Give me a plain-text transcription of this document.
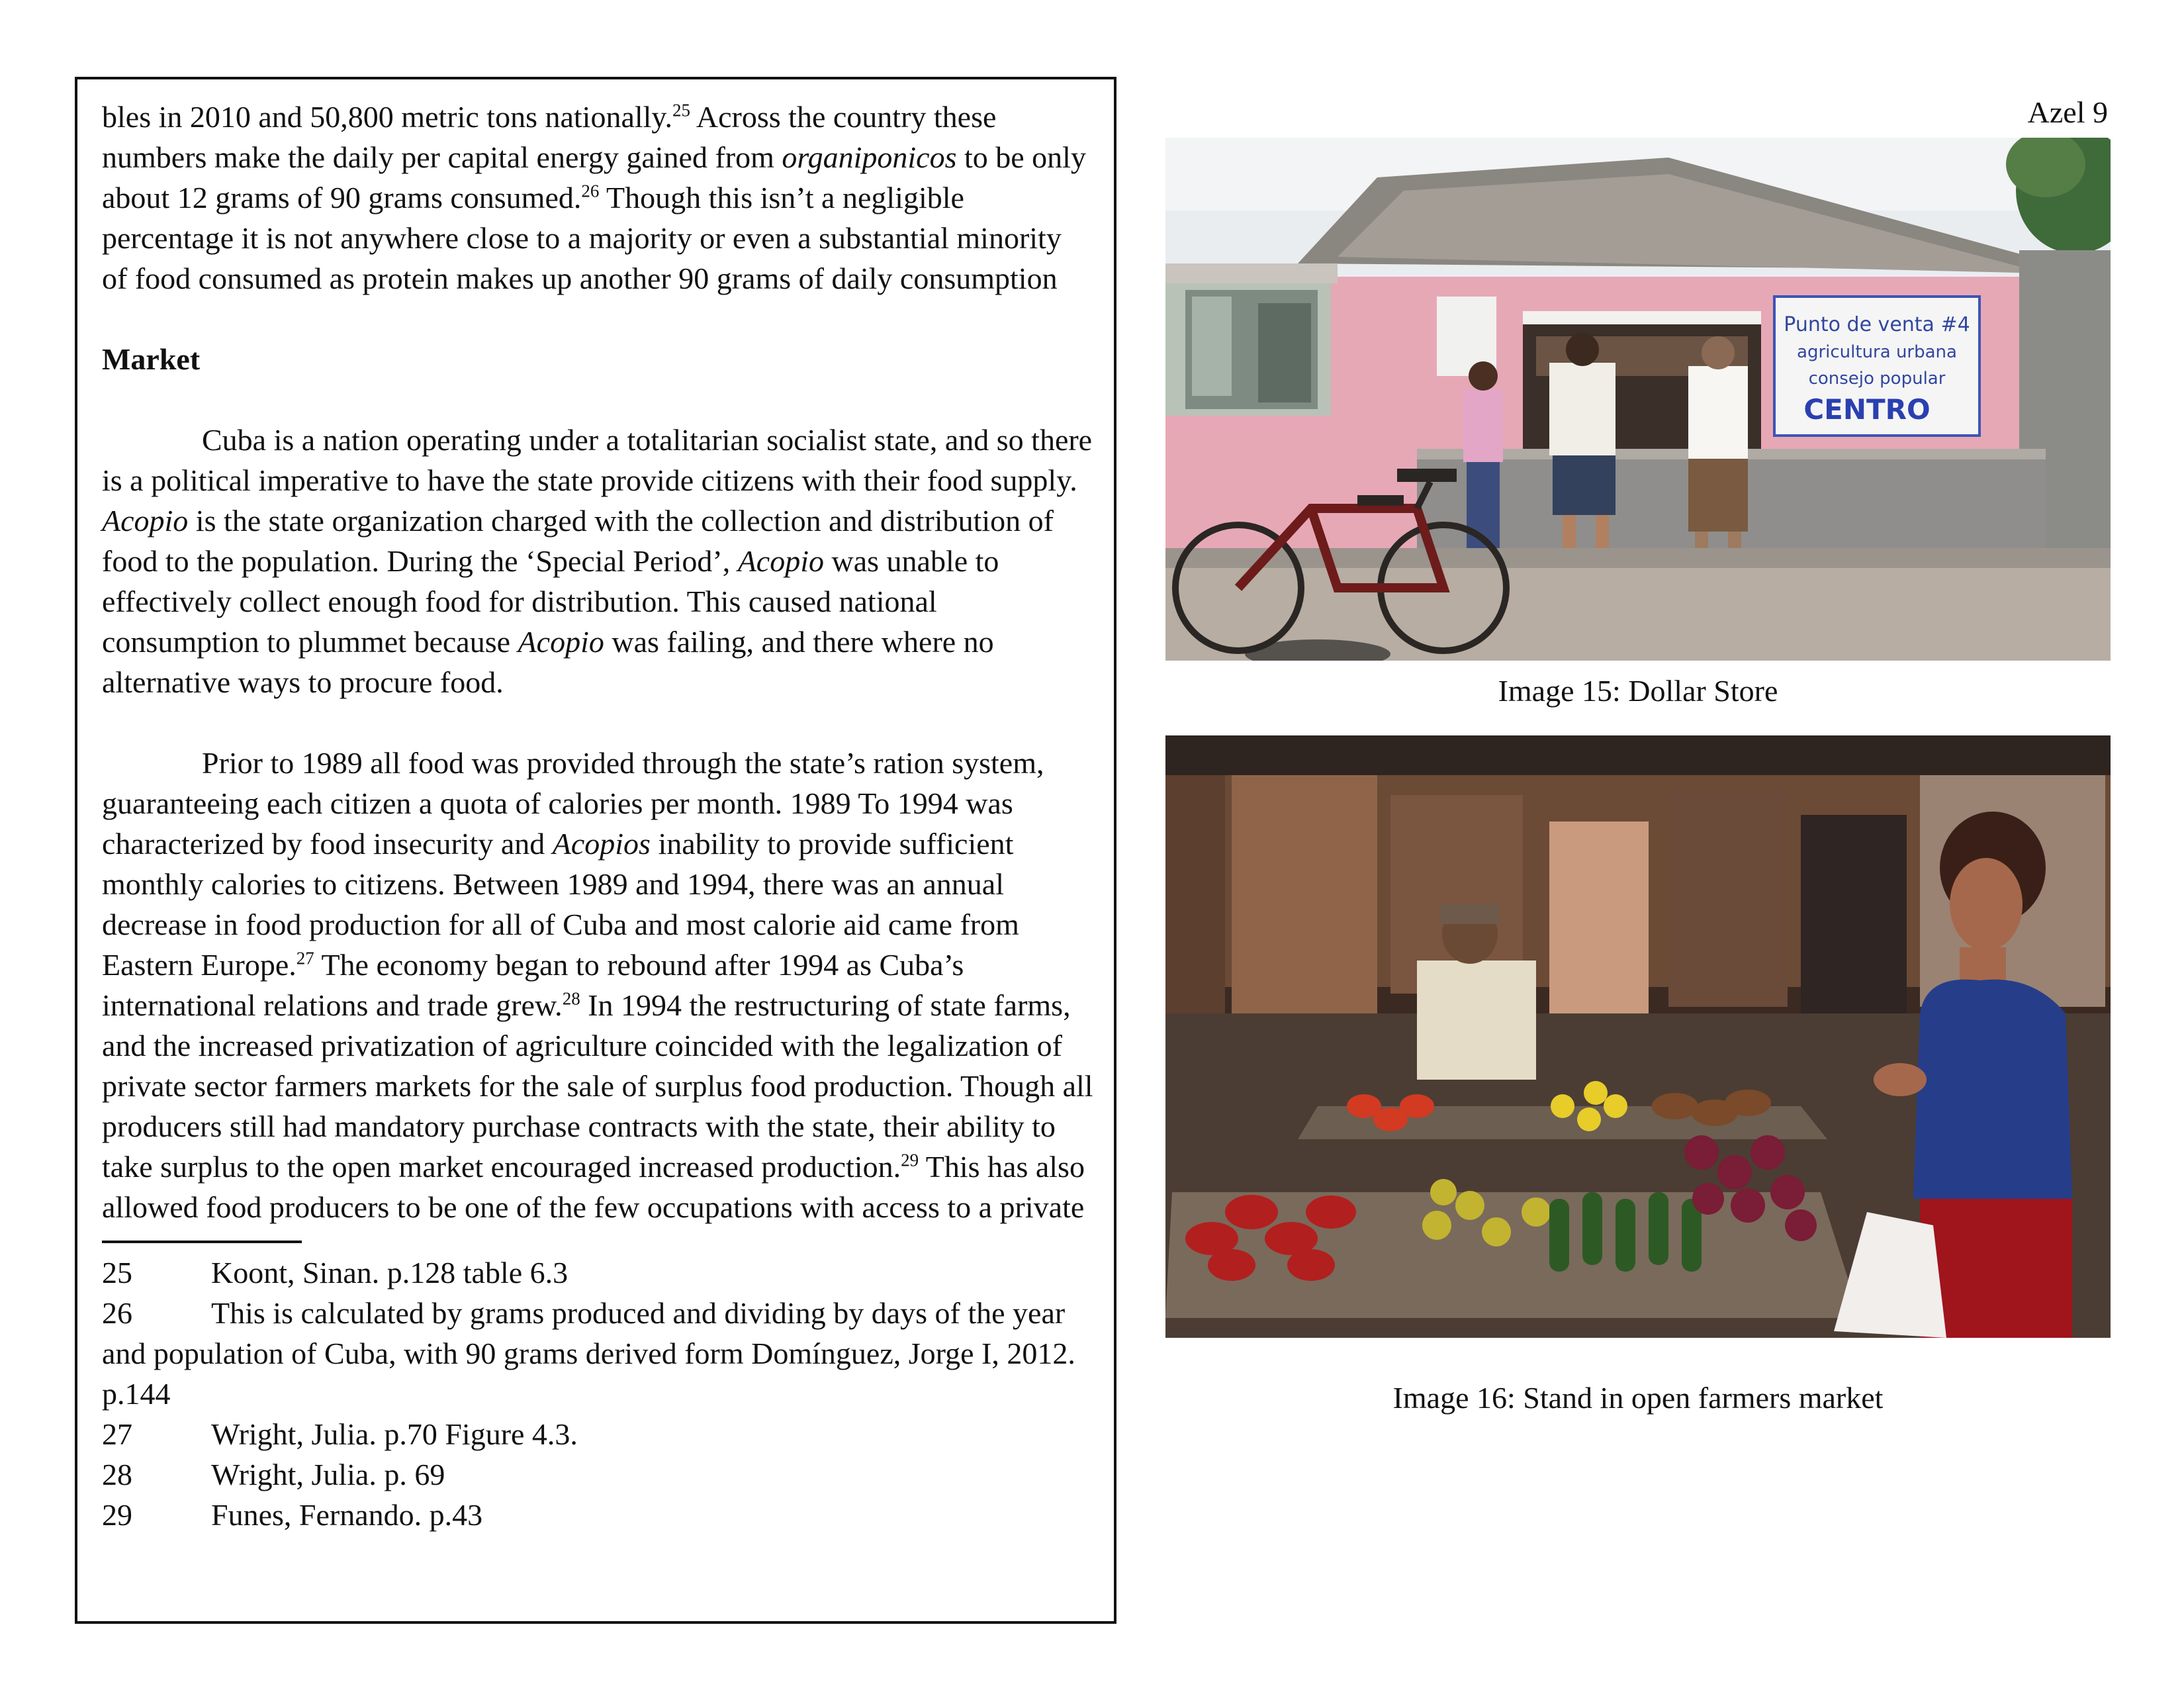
Azel 9

bles in 2010 and 50,800 metric tons nationally.$^{25}$ Across the country these numbers make the daily per capital energy gained from organiponicos to be only about 12 grams of 90 grams consumed.$^{26}$ Though this isn’t a negligible percentage it is not anywhere close to a majority or even a substantial minority of food consumed as protein makes up another 90 grams of daily consumption

Market

Cuba is a nation operating under a totalitarian socialist state, and so there is a political imperative to have the state provide citizens with their food supply. Acopio is the state organization charged with the collection and distribution of food to the population. During the ‘Special Period’, Acopio was unable to effectively collect enough food for distribution. This caused national consumption to plummet because Acopio was failing, and there where no alternative ways to procure food.

Prior to 1989 all food was provided through the state’s ration system, guaranteeing each citizen a quota of calories per month. 1989 To 1994 was characterized by food insecurity and Acopios inability to provide sufficient monthly calories to citizens. Between 1989 and 1994, there was an annual decrease in food production for all of Cuba and most calorie aid came from Eastern Europe.$^{27}$ The economy began to rebound after 1994 as Cuba’s international relations and trade grew.$^{28}$ In 1994 the restructuring of state farms, and the increased privatization of agriculture coincided with the legalization of private sector farmers markets for the sale of surplus food production. Though all producers still had mandatory purchase contracts with the state, their ability to take surplus to the open market encouraged increased production.$^{29}$ This has also allowed food producers to be one of the few occupations with access to a private

25	Koont, Sinan. p.128 table 6.3

26	This is calculated by grams produced and dividing by days of the year and population of Cuba, with 90 grams derived form Domínguez, Jorge I, 2012. p.144

27	Wright, Julia. p.70 Figure 4.3.

28	Wright, Julia. p. 69

29	Funes, Fernando. p.43

Punto de venta #4
agricultura urbana
consejo popular
CENTRO
Image 15: Dollar Store
Image 16: Stand in open farmers market
